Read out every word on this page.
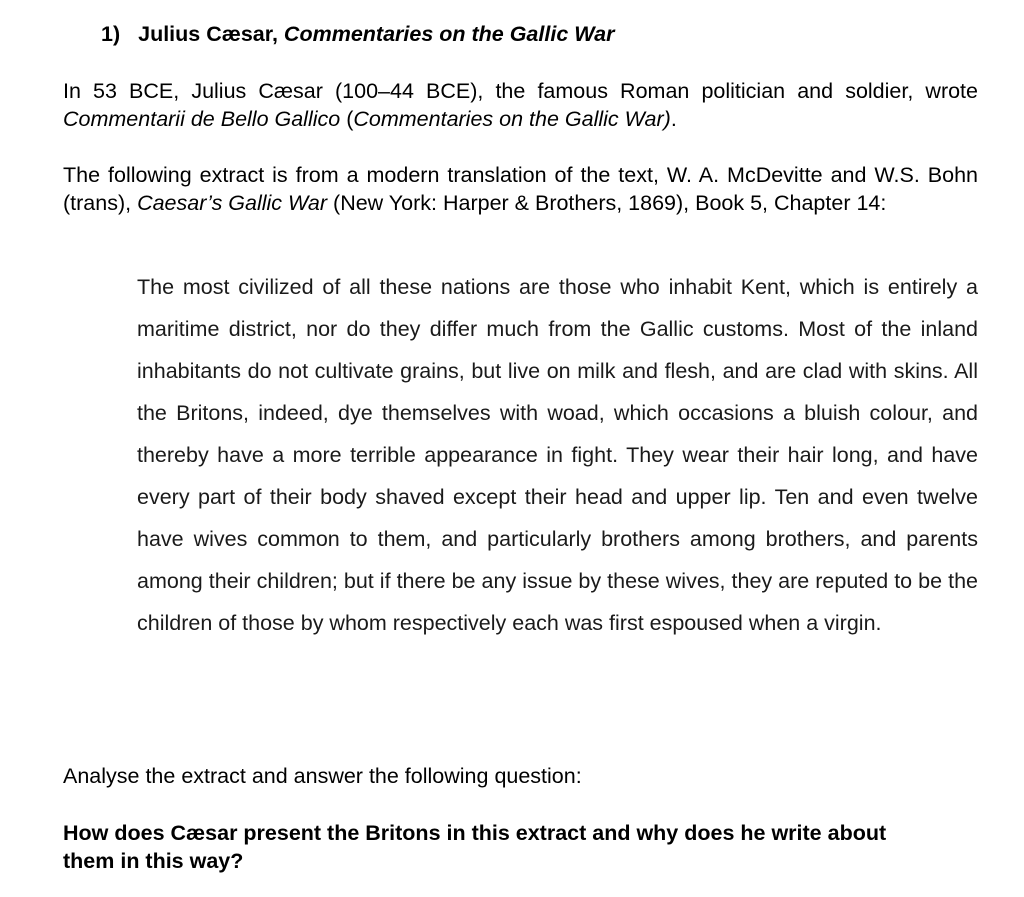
1) Julius Cæsar, Commentaries on the Gallic War

In 53 BCE, Julius Cæsar (100–44 BCE), the famous Roman politician and soldier, wrote Commentarii de Bello Gallico (Commentaries on the Gallic War).

The following extract is from a modern translation of the text, W. A. McDevitte and W.S. Bohn (trans), Caesar’s Gallic War (New York: Harper & Brothers, 1869), Book 5, Chapter 14:

The most civilized of all these nations are those who inhabit Kent, which is entirely a maritime district, nor do they differ much from the Gallic customs. Most of the inland inhabitants do not cultivate grains, but live on milk and flesh, and are clad with skins. All the Britons, indeed, dye themselves with woad, which occasions a bluish colour, and thereby have a more terrible appearance in fight. They wear their hair long, and have every part of their body shaved except their head and upper lip. Ten and even twelve have wives common to them, and particularly brothers among brothers, and parents among their children; but if there be any issue by these wives, they are reputed to be the children of those by whom respectively each was first espoused when a virgin.

Analyse the extract and answer the following question:

How does Cæsar present the Britons in this extract and why does he write about them in this way?
